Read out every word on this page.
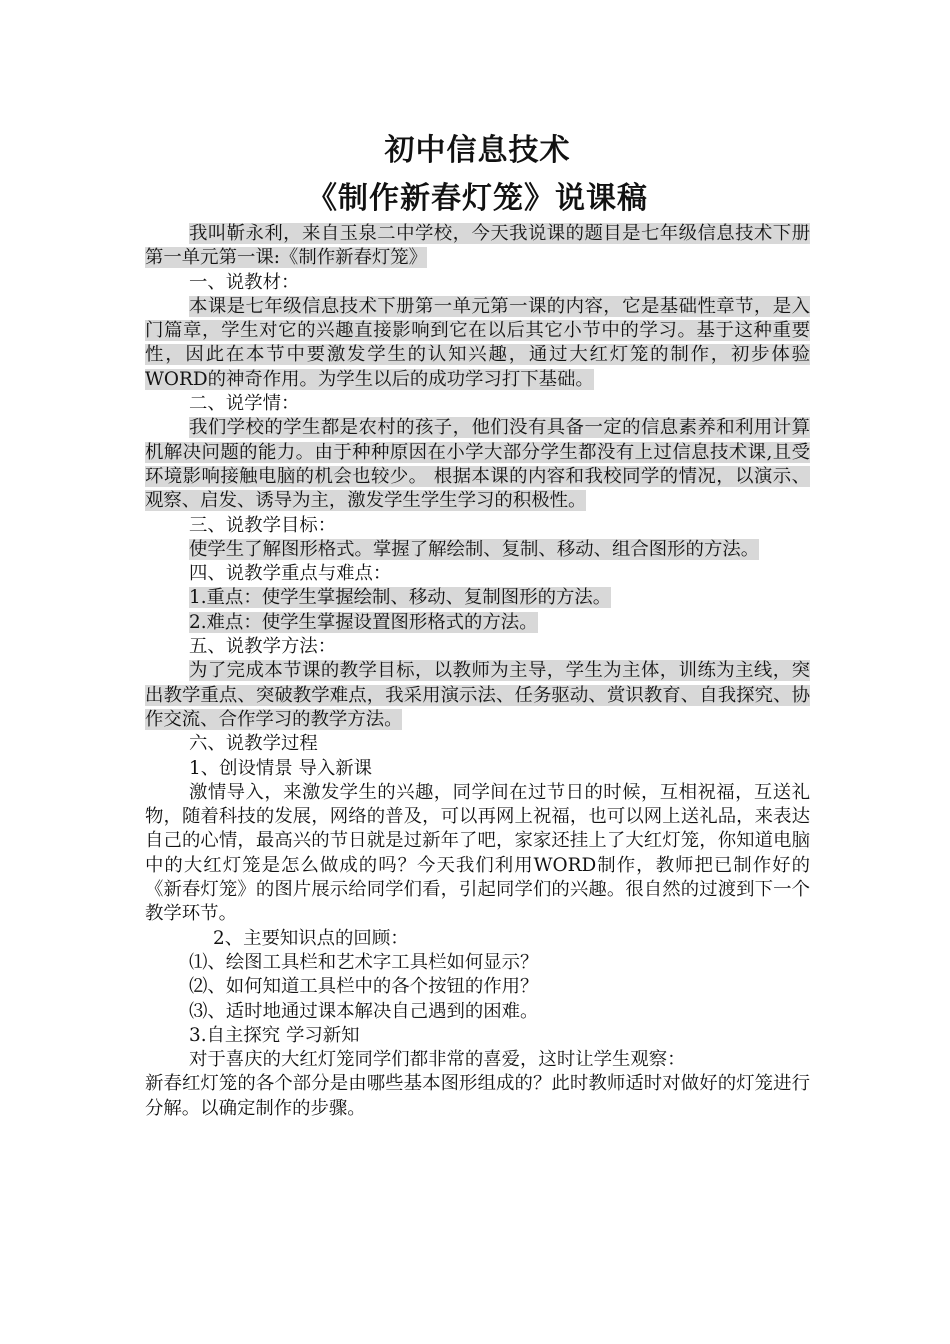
初中信息技术
《制作新春灯笼》说课稿

我叫靳永利，来自玉泉二中学校，今天我说课的题目是七年级信息技术下册第一单元第一课:《制作新春灯笼》

一、说教材：

本课是七年级信息技术下册第一单元第一课的内容，它是基础性章节，是入门篇章，学生对它的兴趣直接影响到它在以后其它小节中的学习。基于这种重要性，因此在本节中要激发学生的认知兴趣，通过大红灯笼的制作，初步体验WORD的神奇作用。为学生以后的成功学习打下基础。

二、说学情：

我们学校的学生都是农村的孩子，他们没有具备一定的信息素养和利用计算机解决问题的能力。由于种种原因在小学大部分学生都没有上过信息技术课,且受环境影响接触电脑的机会也较少。 根据本课的内容和我校同学的情况，以演示、观察、启发、诱导为主，激发学生学生学习的积极性。

三、说教学目标：

使学生了解图形格式。掌握了解绘制、复制、移动、组合图形的方法。

四、说教学重点与难点：

1.重点：使学生掌握绘制、移动、复制图形的方法。

2.难点：使学生掌握设置图形格式的方法。

五、说教学方法：

为了完成本节课的教学目标，以教师为主导，学生为主体，训练为主线，突出教学重点、突破教学难点，我采用演示法、任务驱动、赏识教育、自我探究、协作交流、合作学习的教学方法。

六、说教学过程

1、创设情景 导入新课

激情导入，来激发学生的兴趣，同学间在过节日的时候，互相祝福，互送礼物，随着科技的发展，网络的普及，可以再网上祝福，也可以网上送礼品，来表达自己的心情，最高兴的节日就是过新年了吧，家家还挂上了大红灯笼，你知道电脑中的大红灯笼是怎么做成的吗？今天我们利用WORD制作，教师把已制作好的《新春灯笼》的图片展示给同学们看，引起同学们的兴趣。很自然的过渡到下一个教学环节。

2、主要知识点的回顾：

⑴、绘图工具栏和艺术字工具栏如何显示？

⑵、如何知道工具栏中的各个按钮的作用？

⑶、适时地通过课本解决自己遇到的困难。

3.自主探究 学习新知

对于喜庆的大红灯笼同学们都非常的喜爱，这时让学生观察：

新春红灯笼的各个部分是由哪些基本图形组成的？此时教师适时对做好的灯笼进行分解。以确定制作的步骤。
